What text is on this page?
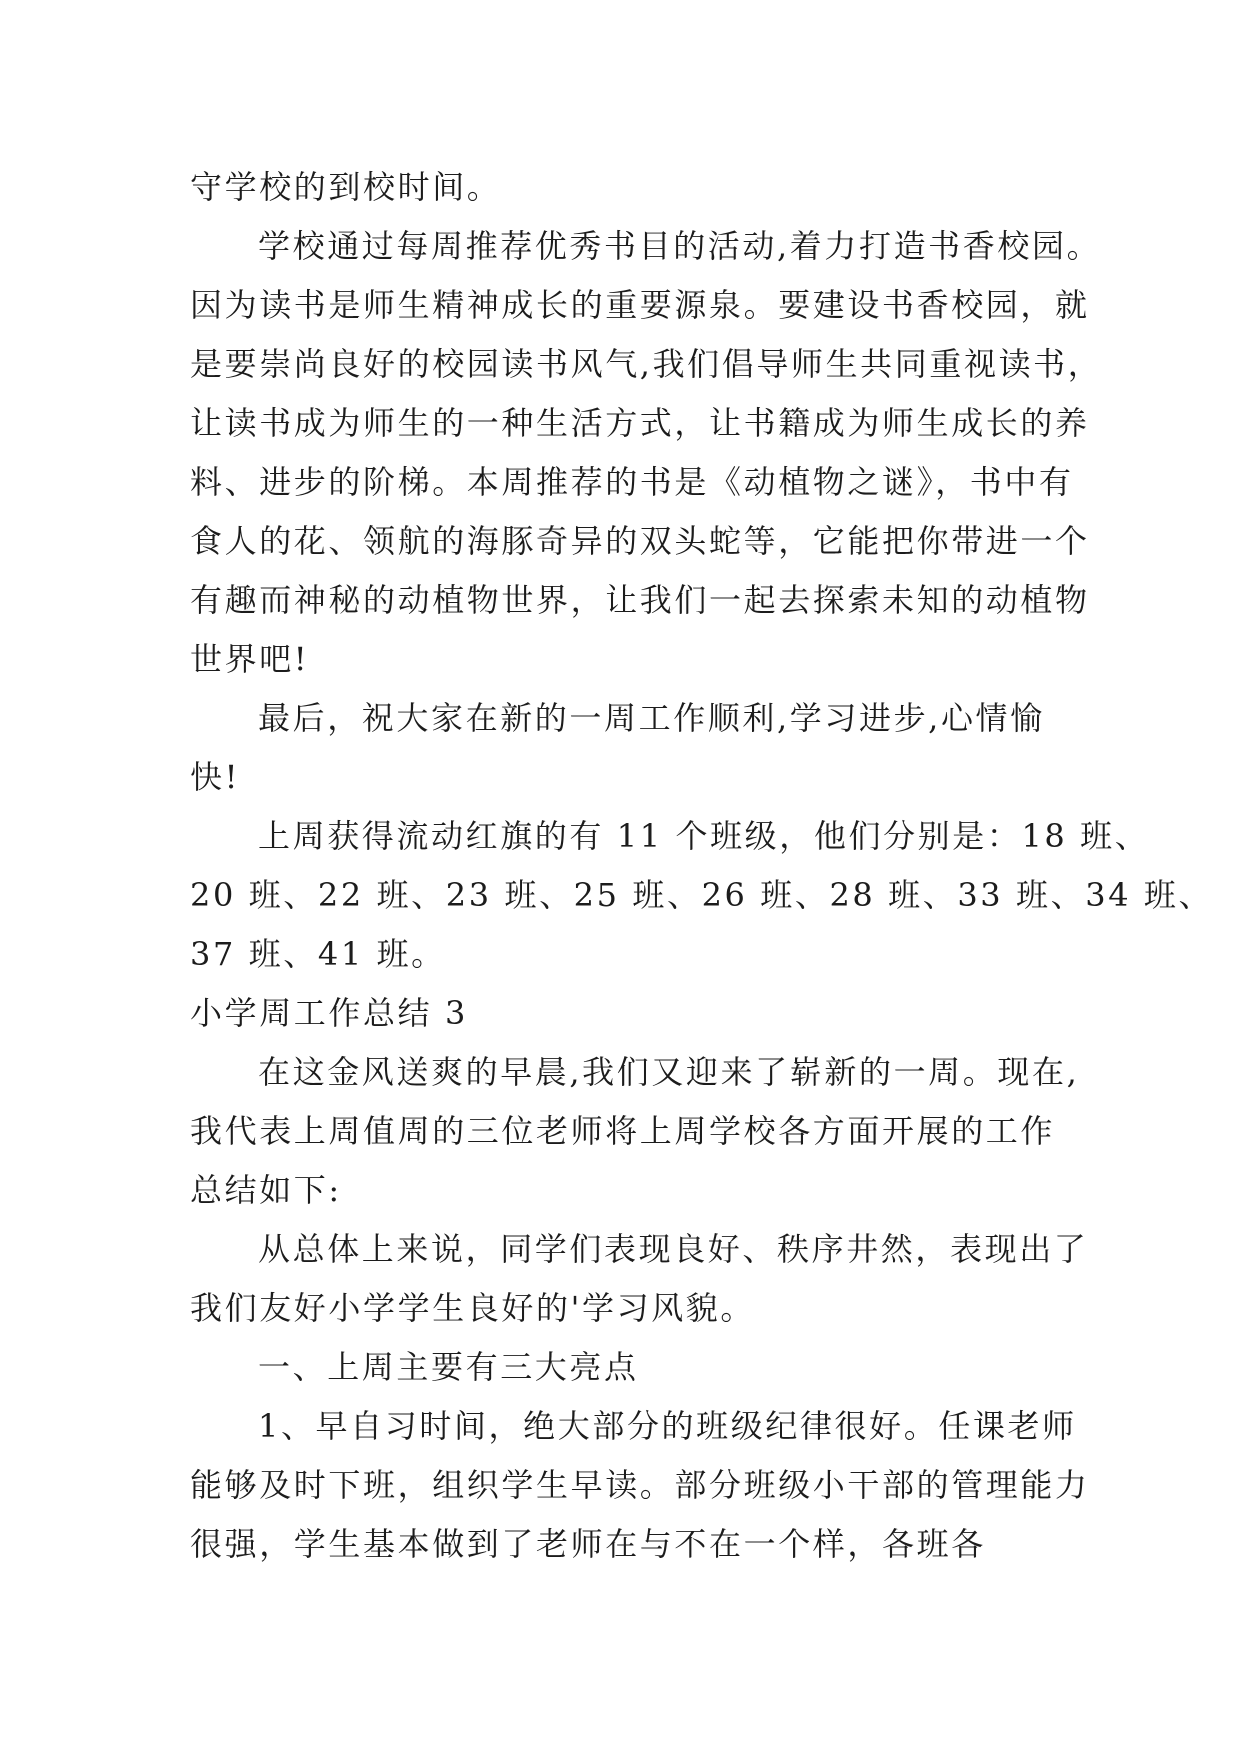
守学校的到校时间。
学校通过每周推荐优秀书目的活动,着力打造书香校园。
因为读书是师生精神成长的重要源泉。要建设书香校园，就
是要崇尚良好的校园读书风气,我们倡导师生共同重视读书，
让读书成为师生的一种生活方式，让书籍成为师生成长的养
料、进步的阶梯。本周推荐的书是《动植物之谜》，书中有
食人的花、领航的海豚奇异的双头蛇等，它能把你带进一个
有趣而神秘的动植物世界，让我们一起去探索未知的动植物
世界吧!
最后，祝大家在新的一周工作顺利,学习进步,心情愉
快!
上周获得流动红旗的有 11 个班级，他们分别是：18 班、
20 班、22 班、23 班、25 班、26 班、28 班、33 班、34 班、
37 班、41 班。
小学周工作总结 3
在这金风送爽的早晨,我们又迎来了崭新的一周。现在,
我代表上周值周的三位老师将上周学校各方面开展的工作
总结如下:
从总体上来说，同学们表现良好、秩序井然，表现出了
我们友好小学学生良好的'学习风貌。
一、上周主要有三大亮点
1、早自习时间，绝大部分的班级纪律很好。任课老师
能够及时下班，组织学生早读。部分班级小干部的管理能力
很强，学生基本做到了老师在与不在一个样，各班各
